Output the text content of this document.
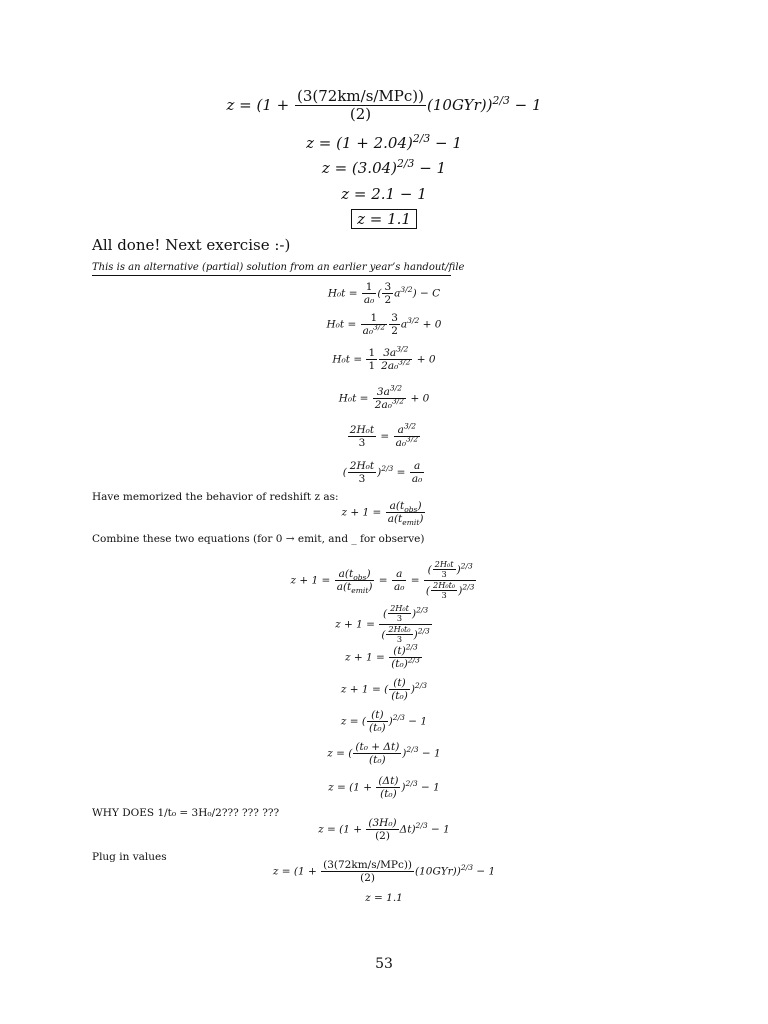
$z = (1 + \frac{\text{(3(72km/s/MPc))}}{(2)} (10GYr))^{2/3} - 1$
$z = (1 + 2.04)^{2/3} - 1$
$z = (3.04)^{2/3} - 1$
z = 2.1 − 1
z = 1.1
All done! Next exercise :-)
This is an alternative (partial) solution from an earlier year’s handout/file
$H_0t = \frac{1}{\text{a₀}}$ ( $\frac{3}{2} a^{3/2}) - C$
$H_0t = \frac{1}{a_0^{3/2}} \frac{3}{2} a^{3/2} + 0$
$H_0t = \frac{1}{1} \frac{3a^{3/2}}{2a_0^{3/2}} + 0$
$H_0t = \frac{3a^{3/2}}{2a_0^{3/2}} + 0$
$\frac{\text{2H₀t}}{3} = \frac{a^{3/2}}{a_0^{3/2}}$
( $\frac{\text{2H₀t}}{3} )^{2/3} = \frac{a}{\text{a₀}}$
Have memorized the behavior of redshift z as:
$z + 1 = \frac{a(t_{obs})}{a(t_{emit})}$
Combine these two equations (for 0 → emit, and _ for observe)
$z + 1 = \frac{a(t_{obs})}{a(t_{emit})} = \frac{a}{\text{a₀}} = \frac{( \frac{\text{2H₀t}}{3} )^{2/3}}{( \frac{\text{2H₀t₀}}{3} )^{2/3}}$
$z + 1 = \frac{( \frac{\text{2H₀t}}{3} )^{2/3}}{( \frac{\text{2H₀t₀}}{3} )^{2/3}}$
$z + 1 = \frac{(t)^{2/3}}{(t_0)^{2/3}}$
z + 1 = ( $\frac{(t)}{\text{(t₀)}} )^{2/3}$
z = ( $\frac{(t)}{\text{(t₀)}} )^{2/3} - 1$
z = ( $\frac{\text{(t₀ + Δt)}}{\text{(t₀)}} )^{2/3} - 1$
$z = (1 + \frac{(\Delta t)}{\text{(t₀)}} )^{2/3} - 1$
WHY DOES 1/t₀ = 3H₀/2??? ??? ???
$z = (1 + \frac{\text{(3H₀)}}{(2)} \Delta t)^{2/3} - 1$
Plug in values
$z = (1 + \frac{\text{(3(72km/s/MPc))}}{(2)} (10GYr))^{2/3} - 1$
z = 1.1
53
